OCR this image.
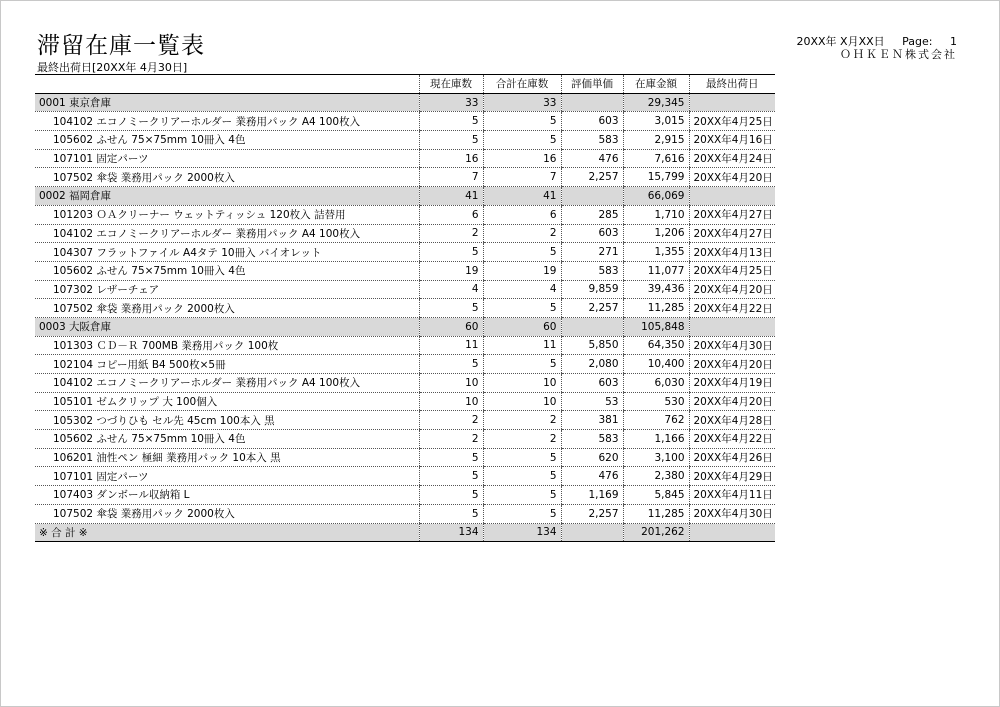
滞留在庫一覧表
最終出荷日[20XX年 4月30日]
20XX年 X月XX日 Page: 1
ＯＨＫＥＮ株式会社
	現在庫数	合計在庫数	評価単価	在庫金額	最終出荷日
0001 東京倉庫	33	33		29,345	
104102 エコノミークリアーホルダー 業務用パック A4 100枚入	5	5	603	3,015	20XX年4月25日
105602 ふせん 75×75mm 10冊入 4色	5	5	583	2,915	20XX年4月16日
107101 固定パーツ	16	16	476	7,616	20XX年4月24日
107502 傘袋 業務用パック 2000枚入	7	7	2,257	15,799	20XX年4月20日
0002 福岡倉庫	41	41		66,069	
101203 ＯＡクリーナー ウェットティッシュ 120枚入 詰替用	6	6	285	1,710	20XX年4月27日
104102 エコノミークリアーホルダー 業務用パック A4 100枚入	2	2	603	1,206	20XX年4月27日
104307 フラットファイル A4タテ 10冊入 バイオレット	5	5	271	1,355	20XX年4月13日
105602 ふせん 75×75mm 10冊入 4色	19	19	583	11,077	20XX年4月25日
107302 レザーチェア	4	4	9,859	39,436	20XX年4月20日
107502 傘袋 業務用パック 2000枚入	5	5	2,257	11,285	20XX年4月22日
0003 大阪倉庫	60	60		105,848	
101303 ＣＤ－Ｒ 700MB 業務用パック 100枚	11	11	5,850	64,350	20XX年4月30日
102104 コピー用紙 B4 500枚×5冊	5	5	2,080	10,400	20XX年4月20日
104102 エコノミークリアーホルダー 業務用パック A4 100枚入	10	10	603	6,030	20XX年4月19日
105101 ゼムクリップ 大 100個入	10	10	53	530	20XX年4月20日
105302 つづりひも セル先 45cm 100本入 黒	2	2	381	762	20XX年4月28日
105602 ふせん 75×75mm 10冊入 4色	2	2	583	1,166	20XX年4月22日
106201 油性ペン 極細 業務用パック 10本入 黒	5	5	620	3,100	20XX年4月26日
107101 固定パーツ	5	5	476	2,380	20XX年4月29日
107403 ダンボール収納箱 L	5	5	1,169	5,845	20XX年4月11日
107502 傘袋 業務用パック 2000枚入	5	5	2,257	11,285	20XX年4月30日
※ 合 計 ※	134	134		201,262	
